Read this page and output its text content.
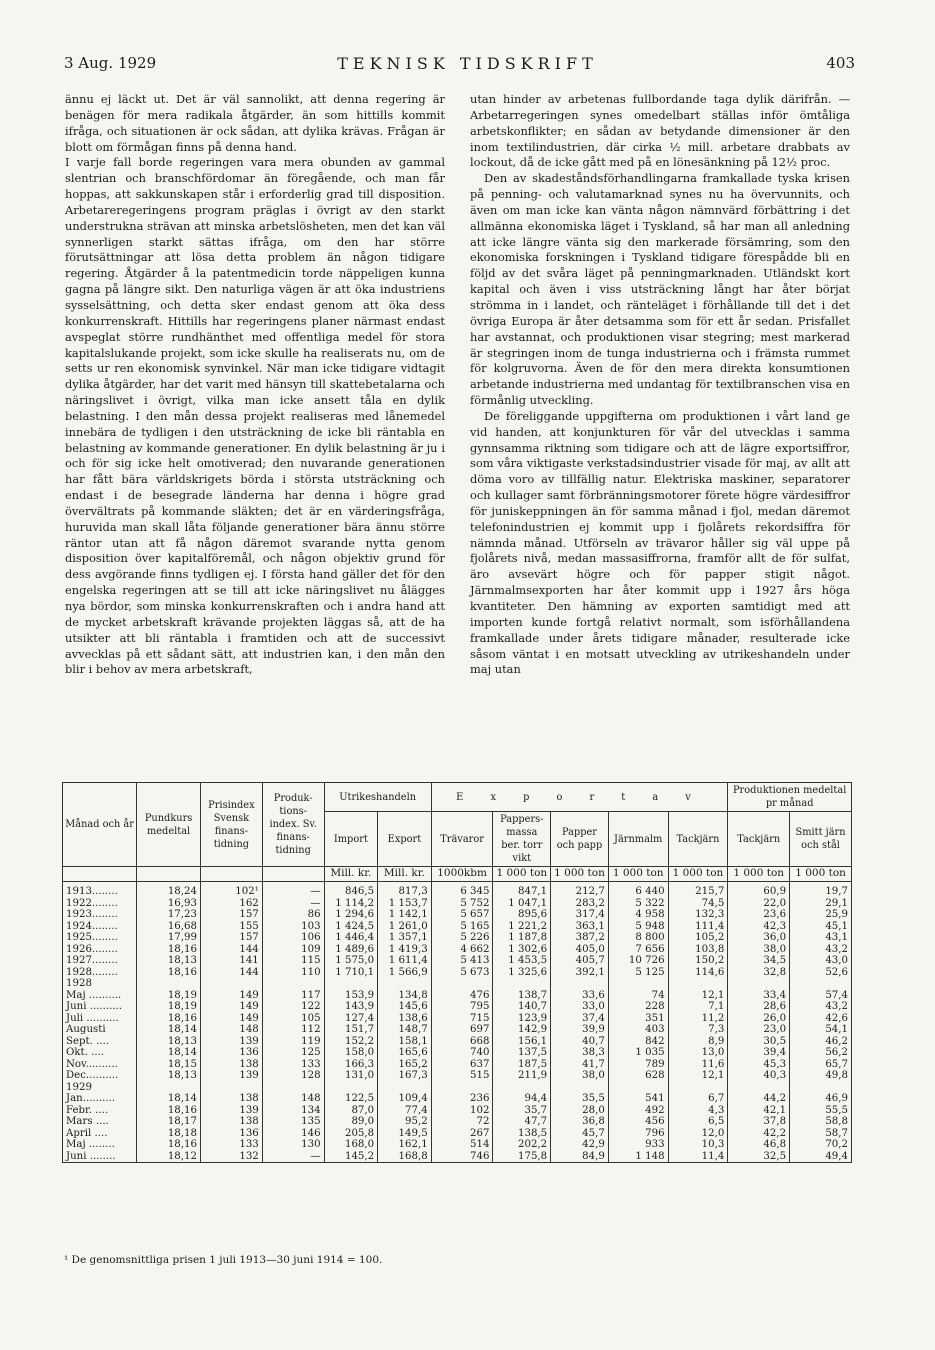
3 Aug. 1929	TEKNISK TIDSKRIFT	403

ännu ej läckt ut. Det är väl sannolikt, att denna regering är benägen för mera radikala åtgärder, än som hittills kommit ifråga, och situationen är ock sådan, att dylika krävas. Frågan är blott om förmågan finns på denna hand.

I varje fall borde regeringen vara mera obunden av gammal slentrian och branschfördomar än föregående, och man får hoppas, att sakkunskapen står i erforderlig grad till disposition. Arbetareregeringens program präglas i övrigt av den starkt understrukna strävan att minska arbetslösheten, men det kan väl synnerligen starkt sättas ifråga, om den har större förutsättningar att lösa detta problem än någon tidigare regering. Åtgärder å la patentmedicin torde näppeligen kunna gagna på längre sikt. Den naturliga vägen är att öka industriens sysselsättning, och detta sker endast genom att öka dess konkurrenskraft. Hittills har regeringens planer närmast endast avspeglat större rundhänthet med offentliga medel för stora kapitalslukande projekt, som icke skulle ha realiserats nu, om de setts ur ren ekonomisk synvinkel. När man icke tidigare vidtagit dylika åtgärder, har det varit med hänsyn till skattebetalarna och näringslivet i övrigt, vilka man icke ansett tåla en dylik belastning. I den mån dessa projekt realiseras med lånemedel innebära de tydligen i den utsträckning de icke bli räntabla en belastning av kommande generationer. En dylik belastning är ju i och för sig icke helt omotiverad; den nuvarande generationen har fått bära världskrigets börda i största utsträckning och endast i de besegrade länderna har denna i högre grad övervältrats på kommande släkten; det är en värderingsfråga, huruvida man skall låta följande generationer bära ännu större räntor utan att få någon däremot svarande nytta genom disposition över kapitalföremål, och någon objektiv grund för dess avgörande finns tydligen ej. I första hand gäller det för den engelska regeringen att se till att icke näringslivet nu ålägges nya bördor, som minska konkurrenskraften och i andra hand att de mycket arbetskraft krävande projekten läggas så, att de ha utsikter att bli räntabla i framtiden och att de successivt avvecklas på ett sådant sätt, att industrien kan, i den mån den blir i behov av mera arbetskraft,

utan hinder av arbetenas fullbordande taga dylik därifrån. — Arbetarregeringen synes omedelbart ställas inför ömtåliga arbetskonflikter; en sådan av betydande dimensioner är den inom textilindustrien, där cirka ½ mill. arbetare drabbats av lockout, då de icke gått med på en lönesänkning på 12½ proc.

Den av skadeståndsförhandlingarna framkallade tyska krisen på penning- och valutamarknad synes nu ha övervunnits, och även om man icke kan vänta någon nämnvärd förbättring i det allmänna ekonomiska läget i Tyskland, så har man all anledning att icke längre vänta sig den markerade försämring, som den ekonomiska forskningen i Tyskland tidigare förespådde bli en följd av det svåra läget på penningmarknaden. Utländskt kort kapital och även i viss utsträckning långt har åter börjat strömma in i landet, och ränteläget i förhållande till det i det övriga Europa är åter detsamma som för ett år sedan. Prisfallet har avstannat, och produktionen visar stegring; mest markerad är stegringen inom de tunga industrierna och i främsta rummet för kolgruvorna. Även de för den mera direkta konsumtionen arbetande industrierna med undantag för textilbranschen visa en förmånlig utveckling.

De föreliggande uppgifterna om produktionen i vårt land ge vid handen, att konjunkturen för vår del utvecklas i samma gynnsamma riktning som tidigare och att de lägre exportsiffror, som våra viktigaste verkstadsindustrier visade för maj, av allt att döma voro av tillfällig natur. Elektriska maskiner, separatorer och kullager samt förbränningsmotorer förete högre värdesiffror för juniskeppningen än för samma månad i fjol, medan däremot telefonindustrien ej kommit upp i fjolårets rekordsiffra för nämnda månad. Utförseln av trävaror håller sig väl uppe på fjolårets nivå, medan massasiffrorna, framför allt de för sulfat, äro avsevärt högre och för papper stigit något. Järnmalmsexporten har åter kommit upp i 1927 års höga kvantiteter. Den hämning av exporten samtidigt med att importen kunde fortgå relativt normalt, som isförhållandena framkallade under årets tidigare månader, resulterade icke såsom väntat i en motsatt utveckling av utrikeshandeln under maj utan

Månad och år	Pundkurs medeltal	Prisindex Svensk finans-tidning	Produk-tions-index. Sv. finans-tidning	Utrikeshandeln		E x p o r t a v					Produktionen medeltal pr månad	
				Import	Export	Trävaror	Pappers-massa ber. torr vikt	Papper och papp	Järnmalm	Tackjärn	Tackjärn	Smitt järn och stål
				Mill. kr.	Mill. kr.	1000kbm	1 000 ton	1 000 ton	1 000 ton	1 000 ton	1 000 ton	1 000 ton

1913........	18,24	102¹	—	846,5	817,3	6 345	847,1	212,7	6 440	215,7	60,9	19,7
1922........	16,93	162	—	1 114,2	1 153,7	5 752	1 047,1	283,2	5 322	74,5	22,0	29,1
1923........	17,23	157	86	1 294,6	1 142,1	5 657	895,6	317,4	4 958	132,3	23,6	25,9
1924........	16,68	155	103	1 424,5	1 261,0	5 165	1 221,2	363,1	5 948	111,4	42,3	45,1
1925........	17,99	157	106	1 446,4	1 357,1	5 226	1 187,8	387,2	8 800	105,2	36,0	43,1
1926........	18,16	144	109	1 489,6	1 419,3	4 662	1 302,6	405,0	7 656	103,8	38,0	43,2
1927........	18,13	141	115	1 575,0	1 611,4	5 413	1 453,5	405,7	10 726	150,2	34,5	43,0
1928........	18,16	144	110	1 710,1	1 566,9	5 673	1 325,6	392,1	5 125	114,6	32,8	52,6
1928												
Maj ..........	18,19	149	117	153,9	134,8	476	138,7	33,6	74	12,1	33,4	57,4
Juni ..........	18,19	149	122	143,9	145,6	795	140,7	33,0	228	7,1	28,6	43,2
Juli ..........	18,16	149	105	127,4	138,6	715	123,9	37,4	351	11,2	26,0	42,6
Augusti	18,14	148	112	151,7	148,7	697	142,9	39,9	403	7,3	23,0	54,1
Sept. ....	18,13	139	119	152,2	158,1	668	156,1	40,7	842	8,9	30,5	46,2
Okt. ....	18,14	136	125	158,0	165,6	740	137,5	38,3	1 035	13,0	39,4	56,2
Nov..........	18,15	138	133	166,3	165,2	637	187,5	41,7	789	11,6	45,3	65,7
Dec..........	18,13	139	128	131,0	167,3	515	211,9	38,0	628	12,1	40,3	49,8
1929												
Jan..........	18,14	138	148	122,5	109,4	236	94,4	35,5	541	6,7	44,2	46,9
Febr. ....	18,16	139	134	87,0	77,4	102	35,7	28,0	492	4,3	42,1	55,5
Mars ....	18,17	138	135	89,0	95,2	72	47,7	36,8	456	6,5	37,8	58,8
April ....	18,18	136	146	205,8	149,5	267	138,5	45,7	796	12,0	42,2	58,7
Maj ........	18,16	133	130	168,0	162,1	514	202,2	42,9	933	10,3	46,8	70,2
Juni ........	18,12	132	—	145,2	168,8	746	175,8	84,9	1 148	11,4	32,5	49,4
¹ De genomsnittliga prisen 1 juli 1913—30 juni 1914 = 100.
